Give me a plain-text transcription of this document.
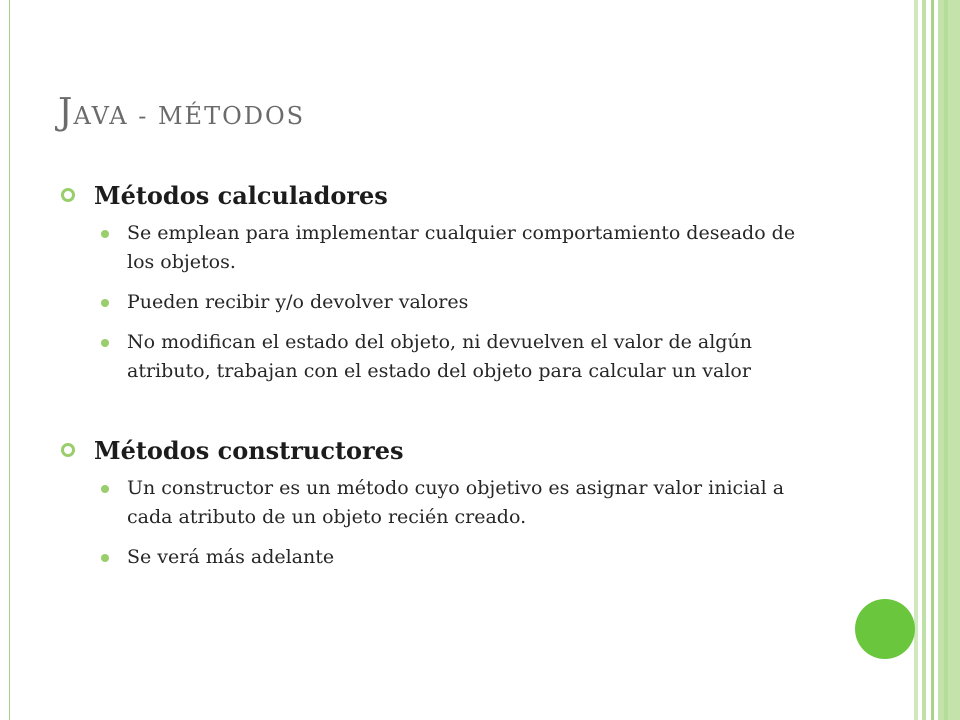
JAVA - MÉTODOS
Métodos calculadores
Se emplean para implementar cualquier comportamiento deseado de los objetos.
Pueden recibir y/o devolver valores
No modifican el estado del objeto, ni devuelven el valor de algún atributo, trabajan con el estado del objeto para calcular un valor
Métodos constructores
Un constructor es un método cuyo objetivo es asignar valor inicial a cada atributo de un objeto recién creado.
Se verá más adelante
